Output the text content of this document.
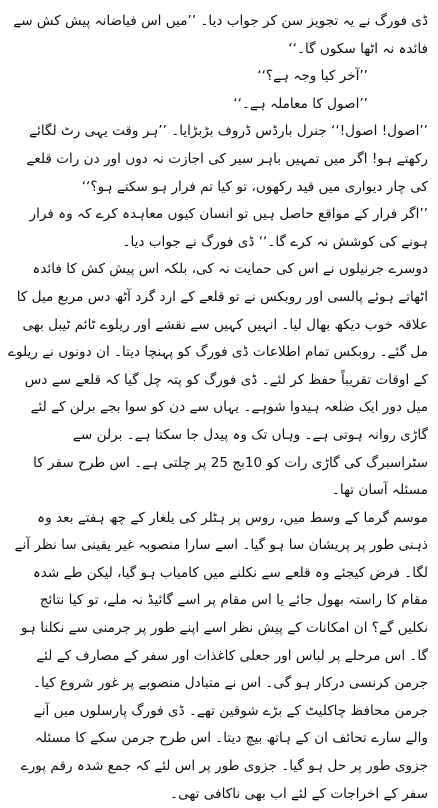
ڈی فورگ نے یہ تجویز سن کر جواب دیا۔ ’’میں اس فیاضانہ پیش کش سے فائدہ نہ اٹھا سکوں گا۔‘‘

’’آخر کیا وجہ ہے؟‘‘

’’اصول کا معاملہ ہے۔‘‘

’’اصول! اصول!‘‘ جنرل بارڈس ڈروف بڑبڑایا۔ ’’ہر وقت یہی رٹ لگائے رکھتے ہو! اگر میں تمہیں باہر سیر کی اجازت نہ دوں اور دن رات قلعے کی چار دیواری میں قید رکھوں، تو کیا تم فرار ہو سکتے ہو؟‘‘

’’اگر فرار کے مواقع حاصل ہیں تو انسان کیوں معاہدہ کرے کہ وہ فرار ہونے کی کوشش نہ کرے گا۔‘‘ ڈی فورگ نے جواب دیا۔

دوسرے جرنیلوں نے اس کی حمایت نہ کی، بلکہ اس پیش کش کا فائدہ اٹھاتے ہوئے پالسی اور روبکس نے تو قلعے کے ارد گرد آٹھ دس مربع میل کا علاقہ خوب دیکھ بھال لیا۔ انہیں کہیں سے نقشے اور ریلوے ٹائم ٹیبل بھی مل گئے۔ روبکس تمام اطلاعات ڈی فورگ کو پہنچا دیتا۔ ان دونوں نے ریلوے کے اوقات تقریباً حفظ کر لئے۔ ڈی فورگ کو پتہ چل گیا کہ قلعے سے دس میل دور ایک ضلعہ ہیدوا شوہے۔ یہاں سے دن کو سوا بجے برلن کے لئے گاڑی روانہ ہوتی ہے۔ وہاں تک وہ پیدل جا سکتا ہے۔ برلن سے سٹراسبرگ کی گاڑی رات کو 10بج 25 پر چلتی ہے۔ اس طرح سفر کا مسئلہ آسان تھا۔

موسم گرما کے وسط میں، روس پر ہٹلر کی یلغار کے چھ ہفتے بعد وہ ذہنی طور پر پریشان سا ہو گیا۔ اسے سارا منصوبہ غیر یقینی سا نظر آنے لگا۔ فرض کیجئے وہ قلعے سے نکلنے میں کامیاب ہو گیا، لیکن طے شدہ مقام کا راستہ بھول جائے یا اس مقام پر اسے گائیڈ نہ ملے، تو کیا نتائج نکلیں گے؟ ان امکانات کے پیش نظر اسے اپنے طور پر جرمنی سے نکلنا ہو گا۔ اس مرحلے پر لباس اور جعلی کاغذات اور سفر کے مصارف کے لئے جرمن کرنسی درکار ہو گی۔ اس نے متبادل منصوبے پر غور شروع کیا۔

جرمن محافظ چاکلیٹ کے بڑے شوقین تھے۔ ڈی فورگ پارسلوں میں آنے والے سارے تحائف ان کے ہاتھ بیچ دیتا۔ اس طرح جرمن سکے کا مسئلہ جزوی طور پر حل ہو گیا۔ جزوی طور پر اس لئے کہ جمع شدہ رقم پورے سفر کے اخراجات کے لئے اب بھی ناکافی تھی۔
